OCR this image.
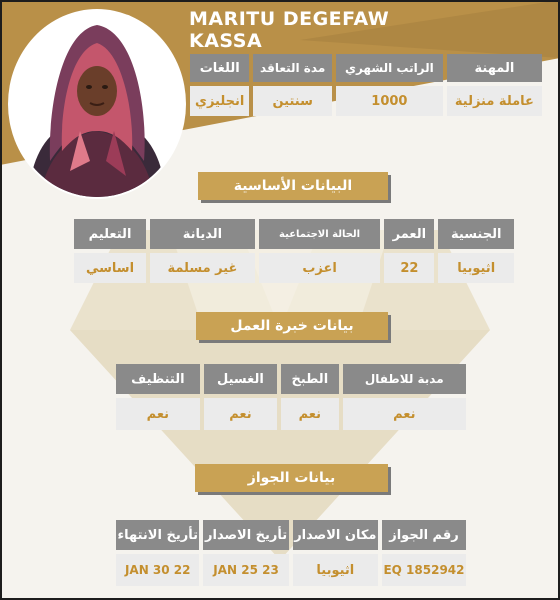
MARITU DEGEFAW KASSA
المهنة	الراتب الشهري	مدة التعاقد	اللغات
عاملة منزلية	1000	سنتين	انجليزي
البيانات الأساسية
الجنسية	العمر	الحالة الاجتماعية	الديانة	التعليم
اثيوبيا	22	اعزب	غير مسلمة	اساسي
بيانات خبرة العمل
مدبة للاطفال	الطبخ	الغسيل	التنظيف
نعم	نعم	نعم	نعم
بيانات الجواز
رقم الجواز	مكان الاصدار	تأريخ الاصدار	تأريخ الانتهاء
EQ 1852942	اثيوبيا	JAN 25 23	JAN 30 22
